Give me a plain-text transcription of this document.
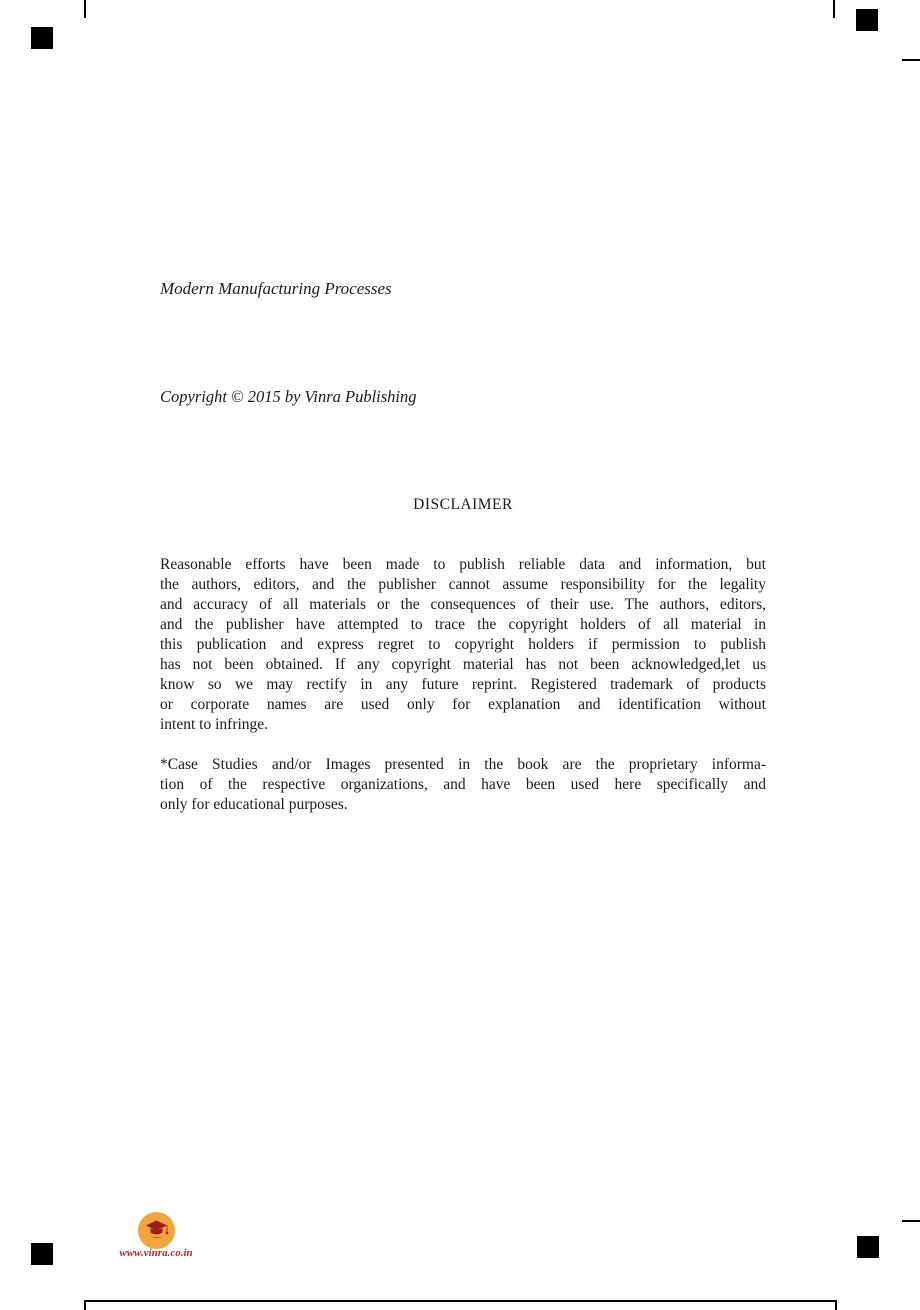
Modern Manufacturing Processes
Copyright © 2015 by Vinra Publishing
DISCLAIMER
Reasonable efforts have been made to publish reliable data and information, but
the authors, editors, and the publisher cannot assume responsibility for the legality
and accuracy of all materials or the consequences of their use. The authors, editors,
and the publisher have attempted to trace the copyright holders of all material in
this publication and express regret to copyright holders if permission to publish
has not been obtained. If any copyright material has not been acknowledged,let us
know so we may rectify in any future reprint. Registered trademark of products
or corporate names are used only for explanation and identification without
intent to infringe.
*Case Studies and/or Images presented in the book are the proprietary informa-
tion of the respective organizations, and have been used here specifically and
only for educational purposes.
www.vinra.co.in
